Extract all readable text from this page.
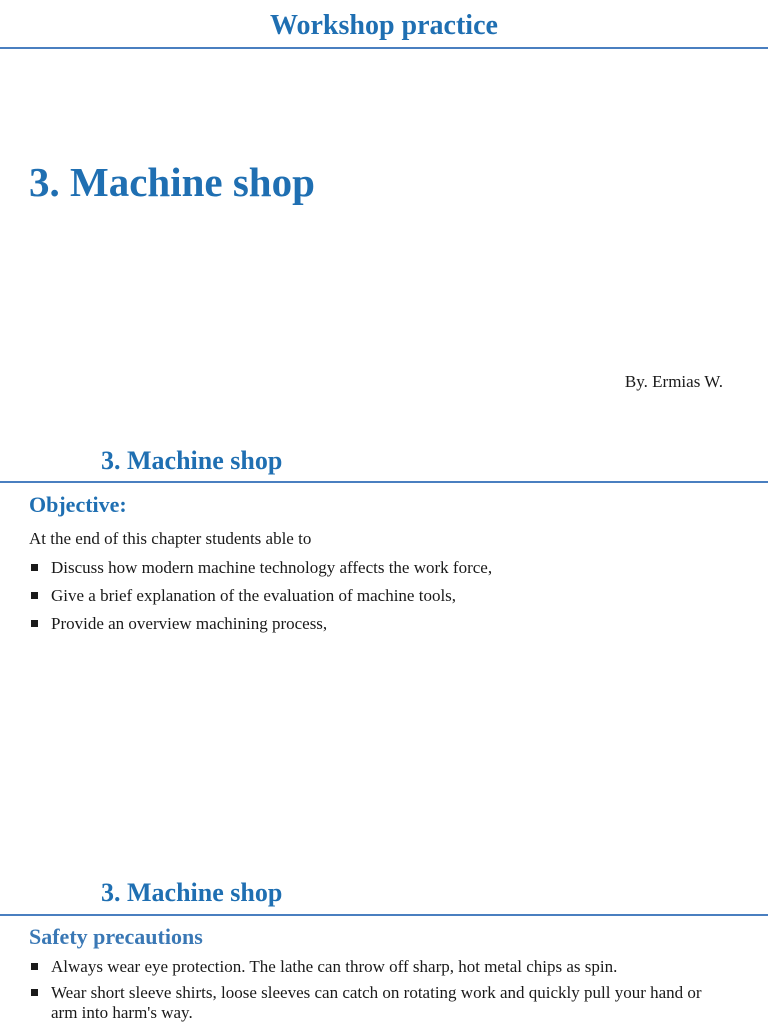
Workshop practice
3. Machine shop
By. Ermias W.
3. Machine shop
Objective:
At the end of this chapter students able to
Discuss how modern machine technology affects the work force,
Give a brief explanation of the evaluation of machine tools,
Provide an overview machining process,
3. Machine shop
Safety precautions
Always wear eye protection. The lathe can throw off sharp, hot metal chips as spin.
Wear short sleeve shirts, loose sleeves can catch on rotating work and quickly pull your hand or arm into harm's way.
